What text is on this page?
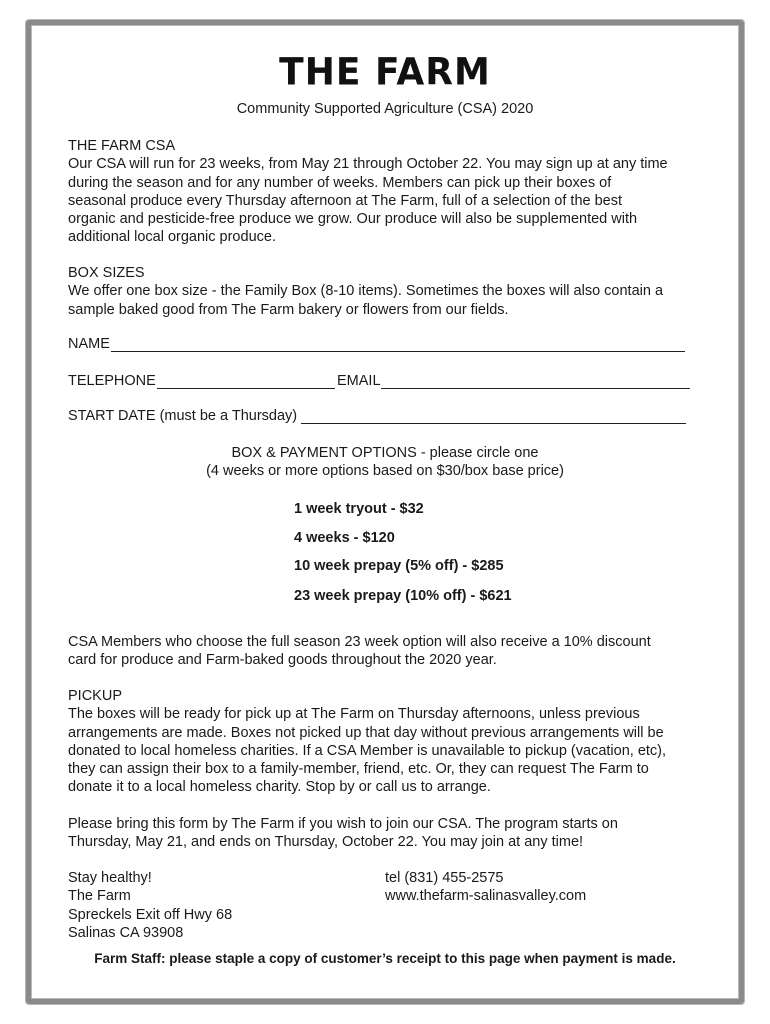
THE FARM
Community Supported Agriculture (CSA) 2020
THE FARM CSA
Our CSA will run for 23 weeks, from May 21 through October 22. You may sign up at any time
during the season and for any number of weeks. Members can pick up their boxes of
seasonal produce every Thursday afternoon at The Farm, full of a selection of the best
organic and pesticide-free produce we grow. Our produce will also be supplemented with
additional local organic produce.
BOX SIZES
We offer one box size - the Family Box (8-10 items). Sometimes the boxes will also contain a
sample baked good from The Farm bakery or flowers from our fields.
NAME
TELEPHONE	EMAIL
START DATE (must be a Thursday)
BOX & PAYMENT OPTIONS - please circle one
(4 weeks or more options based on $30/box base price)
1 week tryout - $32
4 weeks - $120
10 week prepay (5% off) - $285
23 week prepay (10% off) - $621
CSA Members who choose the full season 23 week option will also receive a 10% discount
card for produce and Farm-baked goods throughout the 2020 year.
PICKUP
The boxes will be ready for pick up at The Farm on Thursday afternoons, unless previous
arrangements are made. Boxes not picked up that day without previous arrangements will be
donated to local homeless charities. If a CSA Member is unavailable to pickup (vacation, etc),
they can assign their box to a family-member, friend, etc. Or, they can request The Farm to
donate it to a local homeless charity. Stop by or call us to arrange.
Please bring this form by The Farm if you wish to join our CSA. The program starts on
Thursday, May 21, and ends on Thursday, October 22. You may join at any time!
Stay healthy!
The Farm
Spreckels Exit off Hwy 68
Salinas CA 93908
tel (831) 455-2575
www.thefarm-salinasvalley.com
Farm Staff: please staple a copy of customer’s receipt to this page when payment is made.
